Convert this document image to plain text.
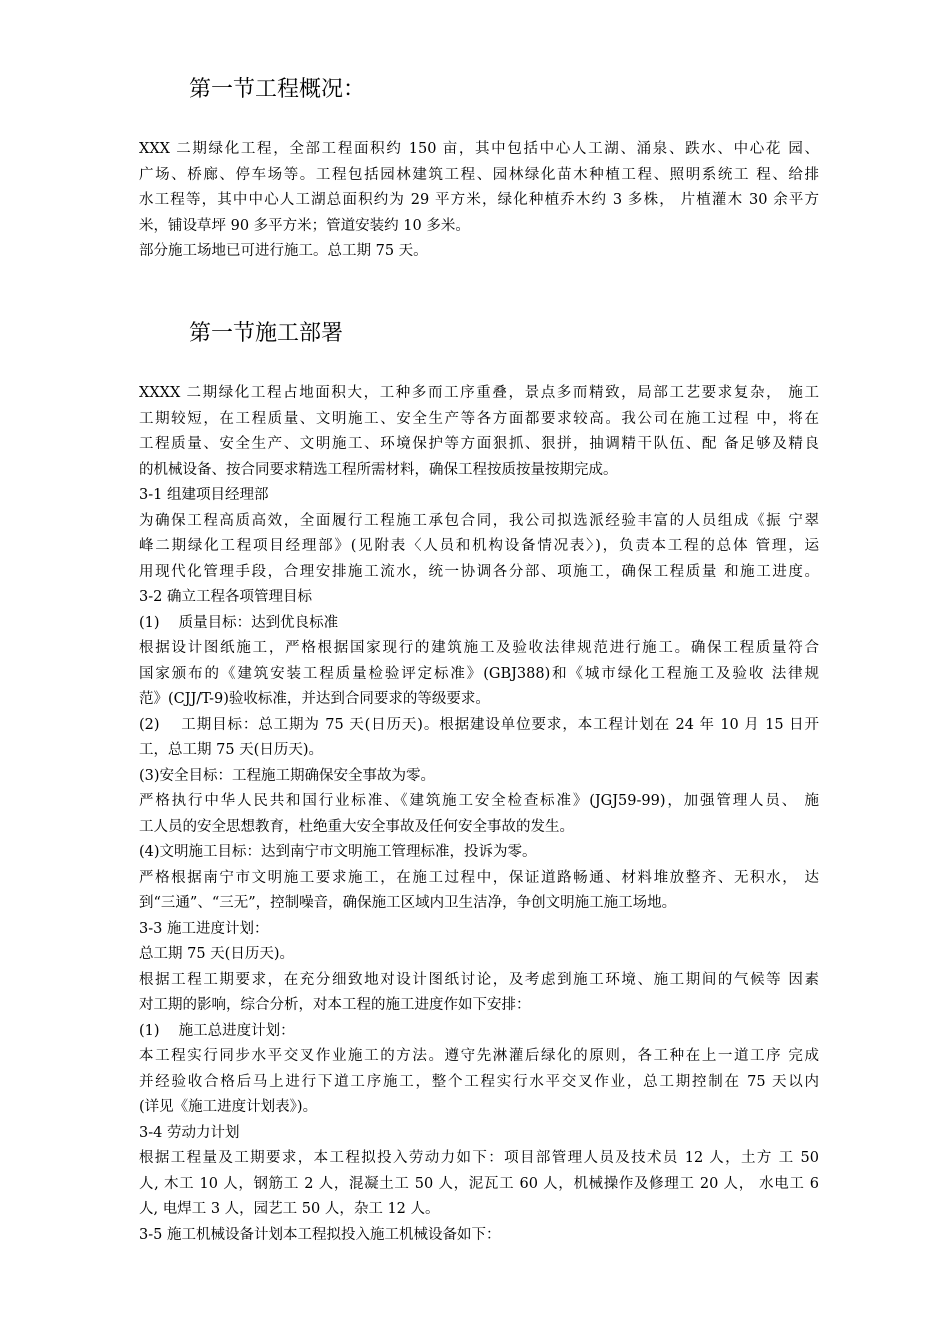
第一节工程概况：
XXX 二期绿化工程，全部工程面积约 150 亩，其中包括中心人工湖、涌泉、跌水、中心花 园、
广场、桥廊、停车场等。工程包括园林建筑工程、园林绿化苗木种植工程、照明系统工 程、给排
水工程等，其中中心人工湖总面积约为 29 平方米，绿化种植乔木约 3 多株， 片植灌木 30 余平方
米，铺设草坪 90 多平方米；管道安装约 10 多米。
部分施工场地已可进行施工。总工期 75 天。
第一节施工部署
XXXX 二期绿化工程占地面积大，工种多而工序重叠，景点多而精致，局部工艺要求复杂， 施工
工期较短，在工程质量、文明施工、安全生产等各方面都要求较高。我公司在施工过程 中，将在
工程质量、安全生产、文明施工、环境保护等方面狠抓、狠拼，抽调精干队伍、配 备足够及精良
的机械设备、按合同要求精选工程所需材料，确保工程按质按量按期完成。
3-1 组建项目经理部
为确保工程高质高效，全面履行工程施工承包合同，我公司拟选派经验丰富的人员组成《振 宁翠
峰二期绿化工程项目经理部》(见附表〈人员和机构设备情况表〉)，负责本工程的总体 管理，运
用现代化管理手段，合理安排施工流水，统一协调各分部、项施工，确保工程质量 和施工进度。
3-2 确立工程各项管理目标
(1)　 质量目标：达到优良标准
根据设计图纸施工，严格根据国家现行的建筑施工及验收法律规范进行施工。确保工程质量符合
国家颁布的《建筑安装工程质量检验评定标准》(GBJ388)和《城市绿化工程施工及验收 法律规
范》(CJJ/T-9)验收标准，并达到合同要求的等级要求。
(2)　 工期目标：总工期为 75 天(日历天)。根据建设单位要求，本工程计划在 24 年 10 月 15 日开
工，总工期 75 天(日历天)。
(3)安全目标：工程施工期确保安全事故为零。
严格执行中华人民共和国行业标准、《建筑施工安全检查标准》(JGJ59-99)，加强管理人员、 施
工人员的安全思想教育，杜绝重大安全事故及任何安全事故的发生。
(4)文明施工目标：达到南宁市文明施工管理标准，投诉为零。
严格根据南宁市文明施工要求施工，在施工过程中，保证道路畅通、材料堆放整齐、无积水， 达
到“三通”、“三无”，控制噪音，确保施工区域内卫生洁净，争创文明施工施工场地。
3-3 施工进度计划：
总工期 75 天(日历天)。
根据工程工期要求，在充分细致地对设计图纸讨论，及考虑到施工环境、施工期间的气候等 因素
对工期的影响，综合分析，对本工程的施工进度作如下安排：
(1)　 施工总进度计划：
本工程实行同步水平交叉作业施工的方法。遵守先淋灌后绿化的原则，各工种在上一道工序 完成
并经验收合格后马上进行下道工序施工，整个工程实行水平交叉作业，总工期控制在 75 天以内
(详见《施工进度计划表》)。
3-4 劳动力计划
根据工程量及工期要求，本工程拟投入劳动力如下：项目部管理人员及技术员 12 人，土方 工 50
人, 木工 10 人，钢筋工 2 人，混凝土工 50 人，泥瓦工 60 人，机械操作及修理工 20 人， 水电工 6
人, 电焊工 3 人，园艺工 50 人，杂工 12 人。
3-5 施工机械设备计划本工程拟投入施工机械设备如下：
